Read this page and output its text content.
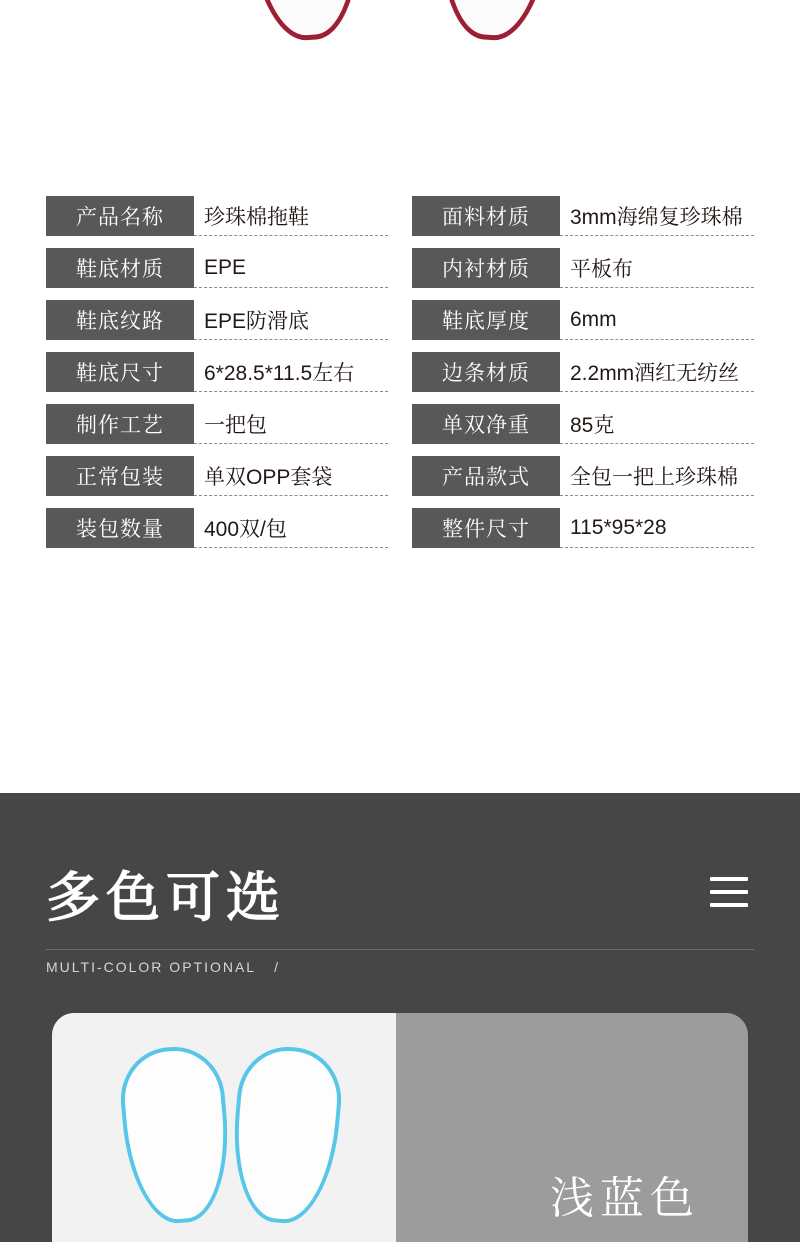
产品名称	珍珠棉拖鞋	面料材质	3mm海绵复珍珠棉
鞋底材质	EPE	内衬材质	平板布
鞋底纹路	EPE防滑底	鞋底厚度	6mm
鞋底尺寸	6*28.5*11.5左右	边条材质	2.2mm酒红无纺丝
制作工艺	一把包	单双净重	85克
正常包装	单双OPP套袋	产品款式	全包一把上珍珠棉
装包数量	400双/包	整件尺寸	115*95*28
多色可选
MULTI-COLOR OPTIONAL /
浅蓝色
